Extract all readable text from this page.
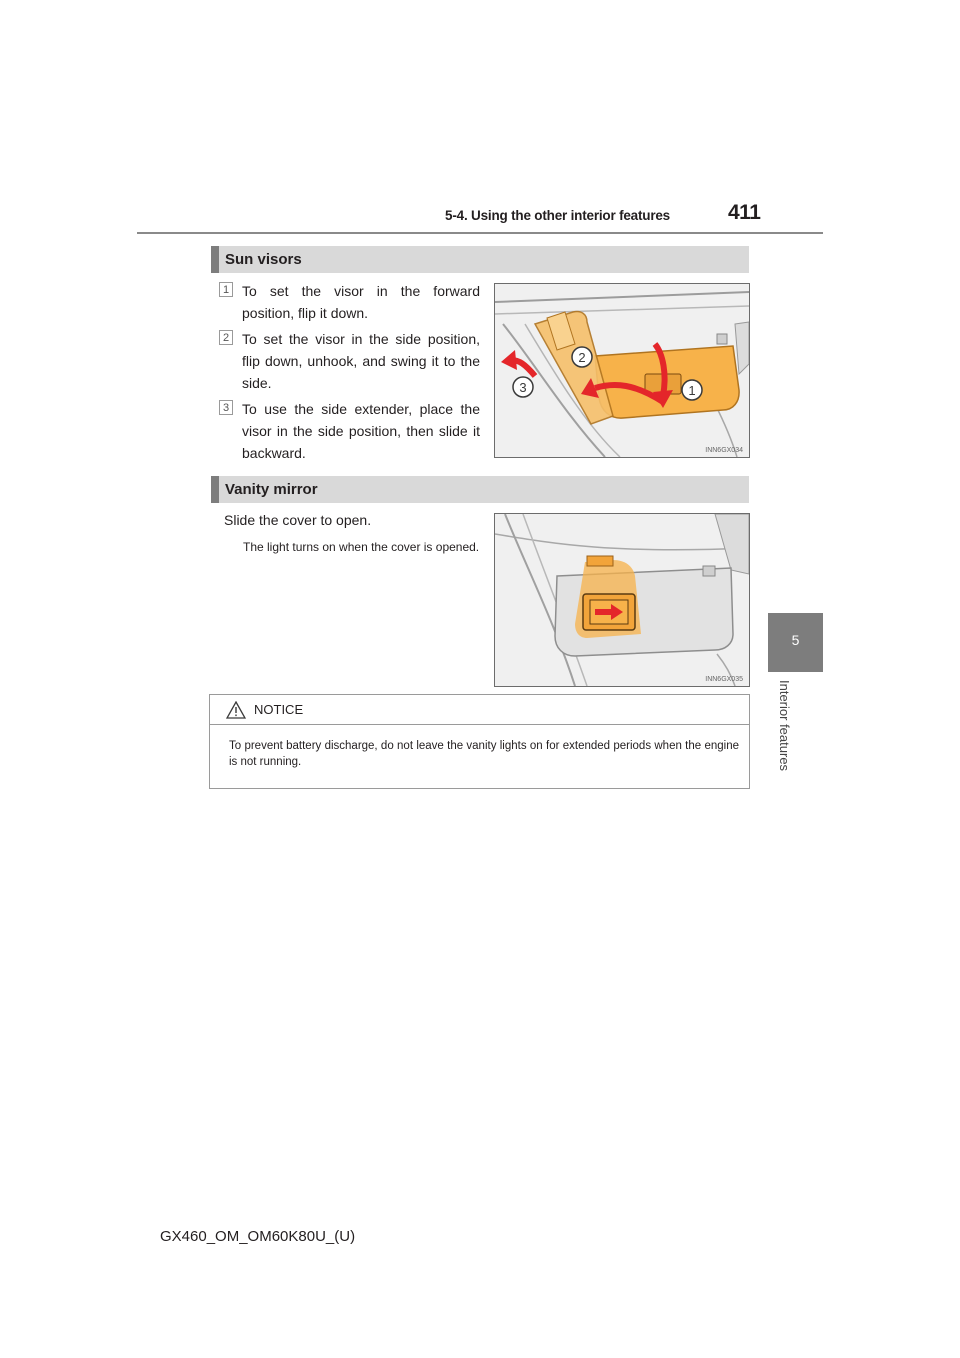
5-4. Using the other interior features	411
5
Interior features
Sun visors
1 To set the visor in the forward position, flip it down.
2 To set the visor in the side position, flip down, unhook, and swing it to the side.
3 To use the side extender, place the visor in the side position, then slide it backward.
1
2
3
INN6GX034
Vanity mirror
Slide the cover to open.
The light turns on when the cover is opened.
INN6GX035
NOTICE
To prevent battery discharge, do not leave the vanity lights on for extended periods when the engine is not running.
GX460_OM_OM60K80U_(U)
